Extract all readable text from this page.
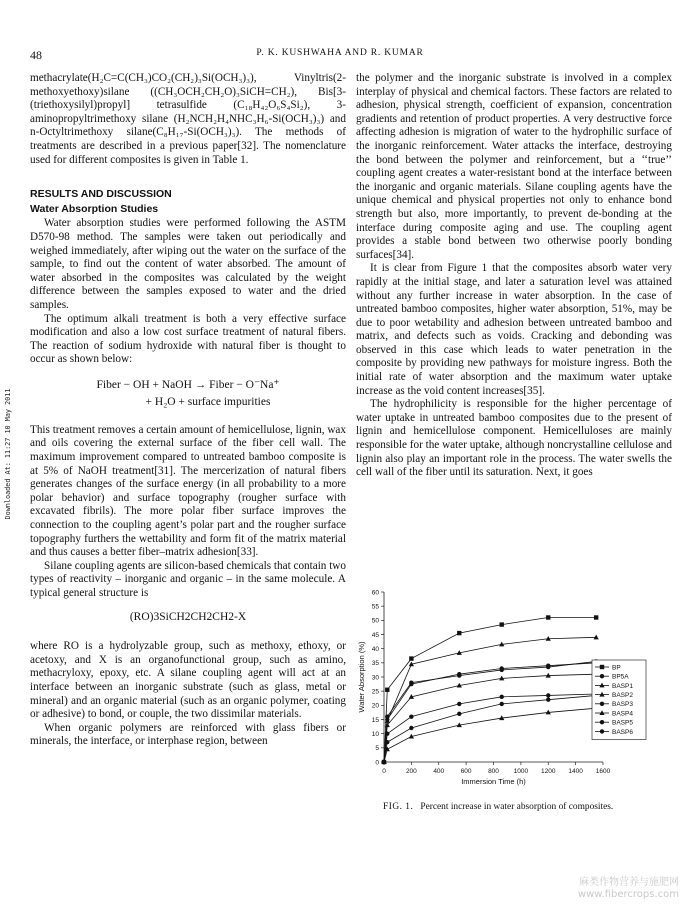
48	P. K. KUSHWAHA AND R. KUMAR
Downloaded At: 11:27 10 May 2011

methacrylate(H₂C=C(CH₃)CO₂(CH₂)₃Si(OCH₃)₃), Vinyltris(2-methoxyethoxy)silane ((CH₃OCH₂CH₂O)₃SiCH=CH₂), Bis[3-(triethoxysilyl)propyl] tetrasulfide (C₁₈H₄₂O₆S₄Si₂), 3-aminopropyltrimethoxy silane (H₂NCH₂H₄NHC₃H₆-Si(OCH₃)₃) and n-Octyltrimethoxy silane(C₈H₁₇-Si(OCH₃)₃). The methods of treatments are described in a previous paper[32]. The nomenclature used for different composites is given in Table 1.

RESULTS AND DISCUSSION
Water Absorption Studies

Water absorption studies were performed following the ASTM D570-98 method. The samples were taken out periodically and weighed immediately, after wiping out the water on the surface of the sample, to find out the content of water absorbed. The amount of water absorbed in the composites was calculated by the weight difference between the samples exposed to water and the dried samples.

The optimum alkali treatment is both a very effective surface modification and also a low cost surface treatment of natural fibers. The reaction of sodium hydroxide with natural fiber is thought to occur as shown below:

Fiber − OH + NaOH → Fiber − O⁻Na⁺
+ H₂O + surface impurities

This treatment removes a certain amount of hemicellulose, lignin, wax and oils covering the external surface of the fiber cell wall. The maximum improvement compared to untreated bamboo composite is at 5% of NaOH treatment[31]. The mercerization of natural fibers generates changes of the surface energy (in all probability to a more polar behavior) and surface topography (rougher surface with excavated fibrils). The more polar fiber surface improves the connection to the coupling agent’s polar part and the rougher surface topography furthers the wettability and form fit of the matrix material and thus causes a better fiber–matrix adhesion[33].

Silane coupling agents are silicon-based chemicals that contain two types of reactivity – inorganic and organic – in the same molecule. A typical general structure is

(RO)3SiCH2CH2CH2-X

where RO is a hydrolyzable group, such as methoxy, ethoxy, or acetoxy, and X is an organofunctional group, such as amino, methacryloxy, epoxy, etc. A silane coupling agent will act at an interface between an inorganic substrate (such as glass, metal or mineral) and an organic material (such as an organic polymer, coating or adhesive) to bond, or couple, the two dissimilar materials.

When organic polymers are reinforced with glass fibers or minerals, the interface, or interphase region, between

the polymer and the inorganic substrate is involved in a complex interplay of physical and chemical factors. These factors are related to adhesion, physical strength, coefficient of expansion, concentration gradients and retention of product properties. A very destructive force affecting adhesion is migration of water to the hydrophilic surface of the inorganic reinforcement. Water attacks the interface, destroying the bond between the polymer and reinforcement, but a ‘‘true’’ coupling agent creates a water-resistant bond at the interface between the inorganic and organic materials. Silane coupling agents have the unique chemical and physical properties not only to enhance bond strength but also, more importantly, to prevent de-bonding at the interface during composite aging and use. The coupling agent provides a stable bond between two otherwise poorly bonding surfaces[34].

It is clear from Figure 1 that the composites absorb water very rapidly at the initial stage, and later a saturation level was attained without any further increase in water absorption. In the case of untreated bamboo composites, higher water absorption, 51%, may be due to poor wetability and adhesion between untreated bamboo and matrix, and defects such as voids. Cracking and debonding was observed in this case which leads to water penetration in the composite by providing new pathways for moisture ingress. Both the initial rate of water absorption and the maximum water uptake increase as the void content increases[35].

The hydrophilicity is responsible for the higher percentage of water uptake in untreated bamboo composites due to the present of lignin and hemicellulose component. Hemicelluloses are mainly responsible for the water uptake, although noncrystalline cellulose and lignin also play an important role in the process. The water swells the cell wall of the fiber until its saturation. Next, it goes

0	200	400	600	800 1000 1200 1400 1600
0
5
10
15
20
25
30
35
40
45
50
55
60
Immersion Time (h)
Water Absorption (%)	BP
BP5A
BASP1
BASP2
BASP3
BASP4
BASP5
BASP6
FIG. 1. Percent increase in water absorption of composites.
麻类作物营养与施肥网
www.fibercrops.com
